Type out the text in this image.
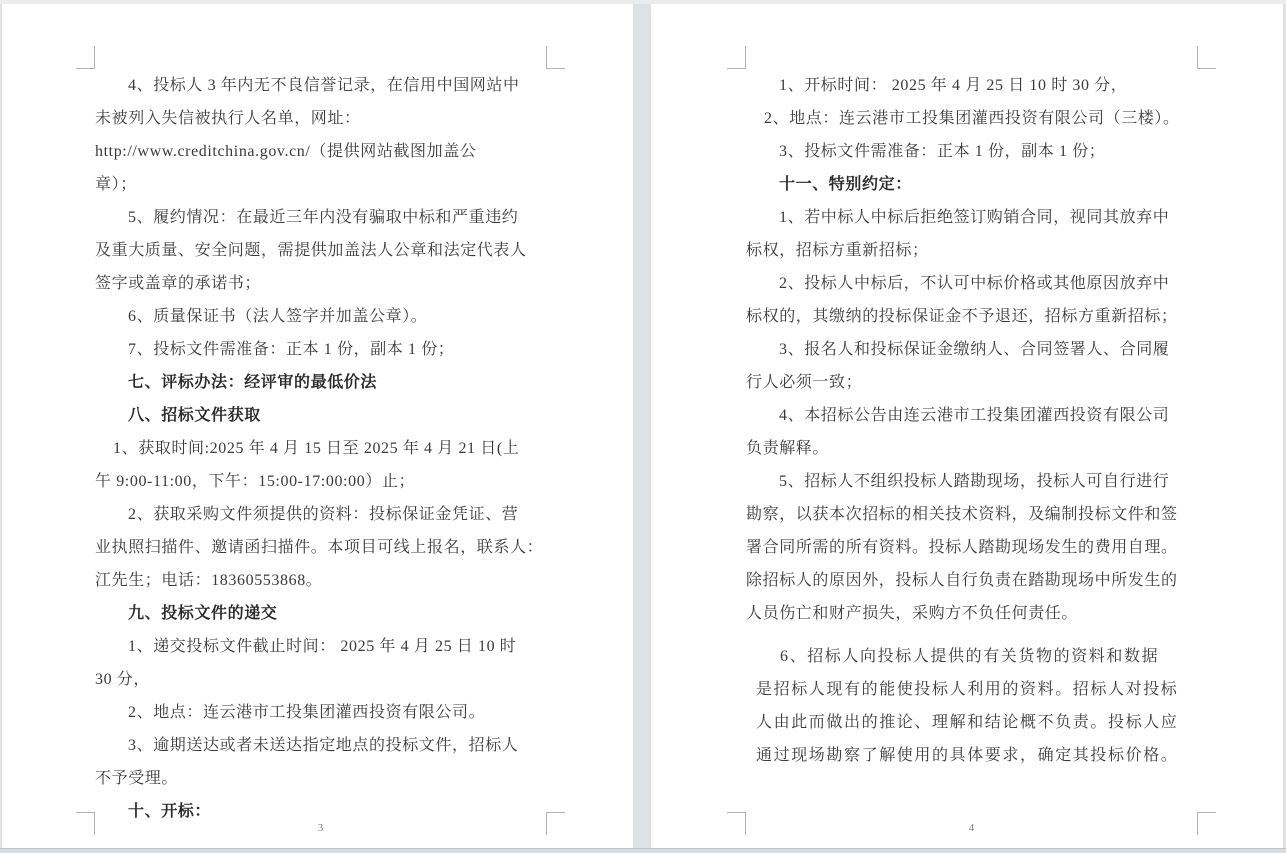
4、投标人 3 年内无不良信誉记录，在信用中国网站中
未被列入失信被执行人名单，网址：
http://www.creditchina.gov.cn/（提供网站截图加盖公
章）；
5、履约情况：在最近三年内没有骗取中标和严重违约
及重大质量、安全问题，需提供加盖法人公章和法定代表人
签字或盖章的承诺书；
6、质量保证书（法人签字并加盖公章）。
7、投标文件需准备：正本 1 份，副本 1 份；
七、评标办法：经评审的最低价法
八、招标文件获取
1、获取时间:2025 年 4 月 15 日至 2025 年 4 月 21 日(上
午 9:00-11:00，下午：15:00-17:00:00）止；
2、获取采购文件须提供的资料：投标保证金凭证、营
业执照扫描件、邀请函扫描件。本项目可线上报名，联系人：
江先生；电话：18360553868。
九、投标文件的递交
1、递交投标文件截止时间： 2025 年 4 月 25 日 10 时
30 分，
2、地点：连云港市工投集团灌西投资有限公司。
3、逾期送达或者未送达指定地点的投标文件，招标人
不予受理。
十、开标：
3
1、开标时间： 2025 年 4 月 25 日 10 时 30 分，
2、地点：连云港市工投集团灌西投资有限公司（三楼）。
3、投标文件需准备：正本 1 份，副本 1 份；
十一、特别约定：
1、若中标人中标后拒绝签订购销合同，视同其放弃中
标权，招标方重新招标；
2、投标人中标后，不认可中标价格或其他原因放弃中
标权的，其缴纳的投标保证金不予退还，招标方重新招标；
3、报名人和投标保证金缴纳人、合同签署人、合同履
行人必须一致；
4、本招标公告由连云港市工投集团灌西投资有限公司
负责解释。
5、招标人不组织投标人踏勘现场，投标人可自行进行
勘察，以获本次招标的相关技术资料，及编制投标文件和签
署合同所需的所有资料。投标人踏勘现场发生的费用自理。
除招标人的原因外，投标人自行负责在踏勘现场中所发生的
人员伤亡和财产损失，采购方不负任何责任。
6、招标人向投标人提供的有关货物的资料和数据
是招标人现有的能使投标人利用的资料。招标人对投标
人由此而做出的推论、理解和结论概不负责。投标人应
通过现场勘察了解使用的具体要求，确定其投标价格。
4
